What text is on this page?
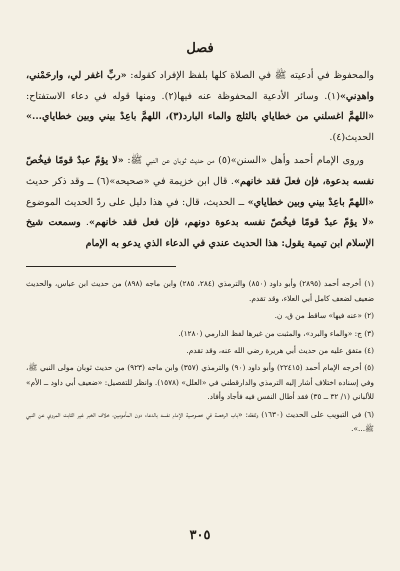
فصل

والمحفوظ في أدعيته ﷺ في الصلاة كلها بلفظ الإفراد كقوله: «ربِّ اغفر لي، وارحَمْني، واهدِني»(١). وسائر الأدعية المحفوظة عنه فيها(٢). ومنها قوله في دعاء الاستفتاح: «اللهمَّ اغسلني من خطاياي بالثلج والماء البارد(٣)، اللهمَّ باعِدْ بيني وبين خطاياي...» الحديث(٤).

وروى الإمام أحمد وأهل «السنن»(٥) من حديث ثوبان عن النبي ﷺ: «لا يؤمّ عبدٌ قومًا فيخُصّ نفسه بدعوة، فإن فعلَ فقد خانهم». قال ابن خزيمة في «صحيحه»(٦) ــ وقد ذكر حديث «اللهمّ باعِدْ بيني وبين خطاياي» ــ الحديث، قال: في هذا دليل على ردّ الحديث الموضوع «لا يؤمّ عبدٌ قومًا فيخُصّ نفسه بدعوة دونهم، فإن فعل فقد خانهم». وسمعت شيخ الإسلام ابن تيمية يقول: هذا الحديث عندي في الدعاء الذي يدعو به الإمام

(١) أخرجه أحمد (٢٨٩٥) وأبو داود (٨٥٠) والترمذي (٢٨٤، ٢٨٥) وابن ماجه (٨٩٨) من حديث ابن عباس، والحديث ضعيف لضعف كامل أبي العلاء، وقد تقدم.

(٢) «عنه فيها» ساقط من ق، ن.

(٣) ج: «والماء والبرد»، والمثبت من غيرها لفظ الدارمي (١٢٨٠).

(٤) متفق عليه من حديث أبي هريرة رضي الله عنه، وقد تقدم.

(٥) أخرجه الإمام أحمد (٢٢٤١٥) وأبو داود (٩٠) والترمذي (٣٥٧) وابن ماجه (٩٢٣) من حديث ثوبان مولى النبي ﷺ، وفي إسناده اختلاف أشار إليه الترمذي والدارقطني في «العلل» (١٥٧٨). وانظر للتفصيل: «ضعيف أبي داود ــ الأم» للألباني (١/ ٣٢ ــ ٣٥) فقد أطال النفس فيه فأجاد وأفاد.

(٦) في التبويب على الحديث (١٦٣٠) ولفظه: «باب الرخصة في خصوصية الإمام نفسه بالدعاء دون المأمومين، خلاف الخبر غير الثابت المروي عن النبي ﷺ...».

٣٠٥
